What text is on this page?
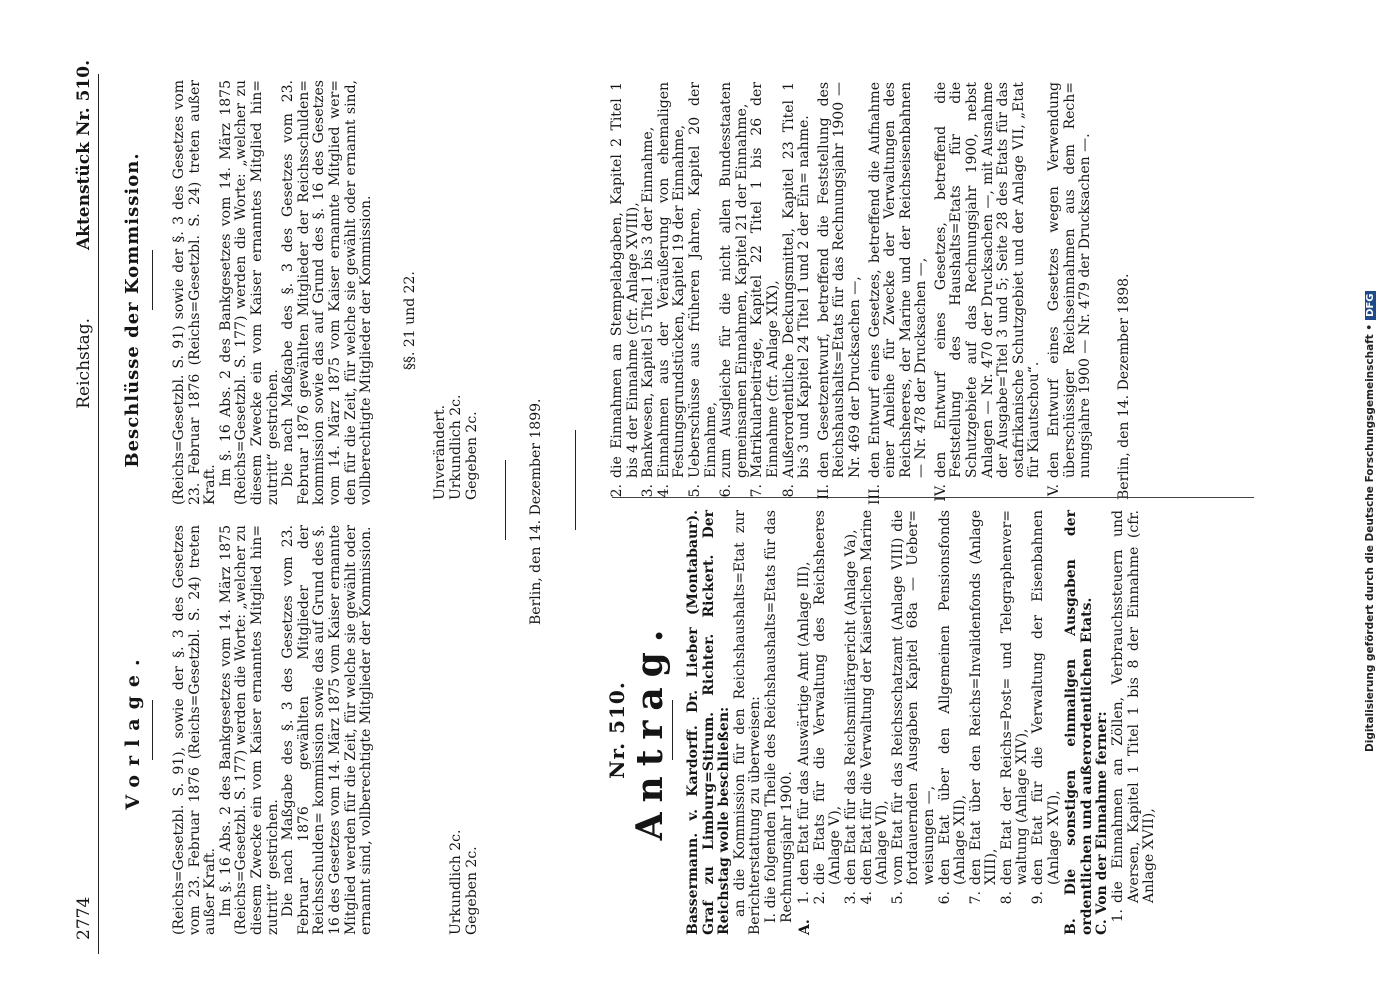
2774
Reichstag.
Aktenstück Nr. 510.
Vorlage. (Reichs=Gesetzbl. S. 91), sowie der §. 3 des Gesetzes vom 23. Februar 1876 (Reichs=Gesetzbl. S. 24) treten außer Kraft. Im §. 16 Abs. 2 des Bankgesetzes vom 14. März 1875 (Reichs=Gesetzbl. S. 177) werden die Worte: „welcher zu diesem Zwecke ein vom Kaiser ernanntes Mitglied hin= zutritt“ gestrichen. Die nach Maßgabe des §. 3 des Gesetzes vom 23. Februar 1876 gewählten Mitglieder der Reichsschulden= kommission sowie das auf Grund des §. 16 des Gesetzes vom 14. März 1875 vom Kaiser ernannte Mitglied werden für die Zeit, für welche sie gewählt oder ernannt sind, vollberechtigte Mitglieder der Kommission.	Urkundlich 2c. Gegeben 2c.
Beschlüsse der Kommission. (Reichs=Gesetzbl. S. 91) sowie der §. 3 des Gesetzes vom 23. Februar 1876 (Reichs=Gesetzbl. S. 24) treten außer Kraft. Im §. 16 Abs. 2 des Bankgesetzes vom 14. März 1875 (Reichs=Gesetzbl. S. 177) werden die Worte: „welcher zu diesem Zwecke ein vom Kaiser ernanntes Mitglied hin= zutritt“ gestrichen. Die nach Maßgabe des §. 3 des Gesetzes vom 23. Februar 1876 gewählten Mitglieder der Reichsschulden= kommission sowie das auf Grund des §. 16 des Gesetzes vom 14. März 1875 vom Kaiser ernannte Mitglied wer= den für die Zeit, für welche sie gewählt oder ernannt sind, vollberechtigte Mitglieder der Kommission. §§. 21 und 22.
Unverändert. Urkundlich 2c. Gegeben 2c.	Berlin, den 14. Dezember 1899.
Nr. 510. Antrag. Bassermann. v. Kardorff. Dr. Lieber (Montabaur). Graf zu Limburg=Stirum. Richter. Rickert. Der Reichstag wolle beschließen: an die Kommission für den Reichshaushalts=Etat zur Berichterstattung zu überweisen: I. die folgenden Theile des Reichshaushalts=Etats für das Rechnungsjahr 1900.

A.
1.
den Etat für das Auswärtige Amt (Anlage III),
2.
die Etats für die Verwaltung des Reichsheeres (Anlage V),
3.
den Etat für das Reichsmilitärgericht (Anlage Va),
4.
den Etat für die Verwaltung der Kaiserlichen Marine (Anlage VI),
5.
vom Etat für das Reichsschatzamt (Anlage VIII) die fortdauernden Ausgaben Kapitel 68a — Ueber= weisungen —,
6.
den Etat über den Allgemeinen Pensionsfonds (Anlage XII),
7.
den Etat über den Reichs=Invalidenfonds (Anlage XIII),
8.
den Etat der Reichs=Post= und Telegraphenver= waltung (Anlage XIV),
9.
den Etat für die Verwaltung der Eisenbahnen (Anlage XVI), B. Die sonstigen einmaligen Ausgaben der ordentlichen und außerordentlichen Etats. C. Von der Einnahme ferner: 1.
die Einnahmen an Zöllen, Verbrauchssteuern und Aversen, Kapitel 1 Titel 1 bis 8 der Einnahme (cfr. Anlage XVII),
2.
die Einnahmen an Stempelabgaben, Kapitel 2 Titel 1 bis 4 der Einnahme (cfr. Anlage XVIII),
3.
Bankwesen, Kapitel 5 Titel 1 bis 3 der Einnahme,
4.
Einnahmen aus der Veräußerung von ehemaligen Festungsgrundstücken, Kapitel 19 der Einnahme,
5.
Ueberschüsse aus früheren Jahren, Kapitel 20 der Einnahme,
6.
zum Ausgleiche für die nicht allen Bundesstaaten gemeinsamen Einnahmen, Kapitel 21 der Einnahme,
7.
Matrikularbeiträge, Kapitel 22 Titel 1 bis 26 der Einnahme (cfr. Anlage XIX),
8.
Außerordentliche Deckungsmittel, Kapitel 23 Titel 1 bis 3 und Kapitel 24 Titel 1 und 2 der Ein= nahme.
II.
den Gesetzentwurf, betreffend die Feststellung des Reichshaushalts=Etats für das Rechnungsjahr 1900 — Nr. 469 der Drucksachen —,
III.
den Entwurf eines Gesetzes, betreffend die Aufnahme einer Anleihe für Zwecke der Verwaltungen des Reichsheeres, der Marine und der Reichseisenbahnen — Nr. 478 der Drucksachen —,
IV.
den Entwurf eines Gesetzes, betreffend die Feststellung des Haushalts=Etats für die Schutzgebiete auf das Rechnungsjahr 1900, nebst Anlagen — Nr. 470 der Drucksachen —, mit Ausnahme der Ausgabe=Titel 3 und 5; Seite 28 des Etats für das ostafrikanische Schutzgebiet und der Anlage VII, „Etat für Kiautschou“.
V.
den Entwurf eines Gesetzes wegen Verwendung überschüssiger Reichseinnahmen aus dem Rech= nungsjahre 1900 — Nr. 479 der Drucksachen —. Berlin, den 14. Dezember 1898.	Digitalisierung gefördert durch die Deutsche Forschungsgemeinschaft •
DFG
